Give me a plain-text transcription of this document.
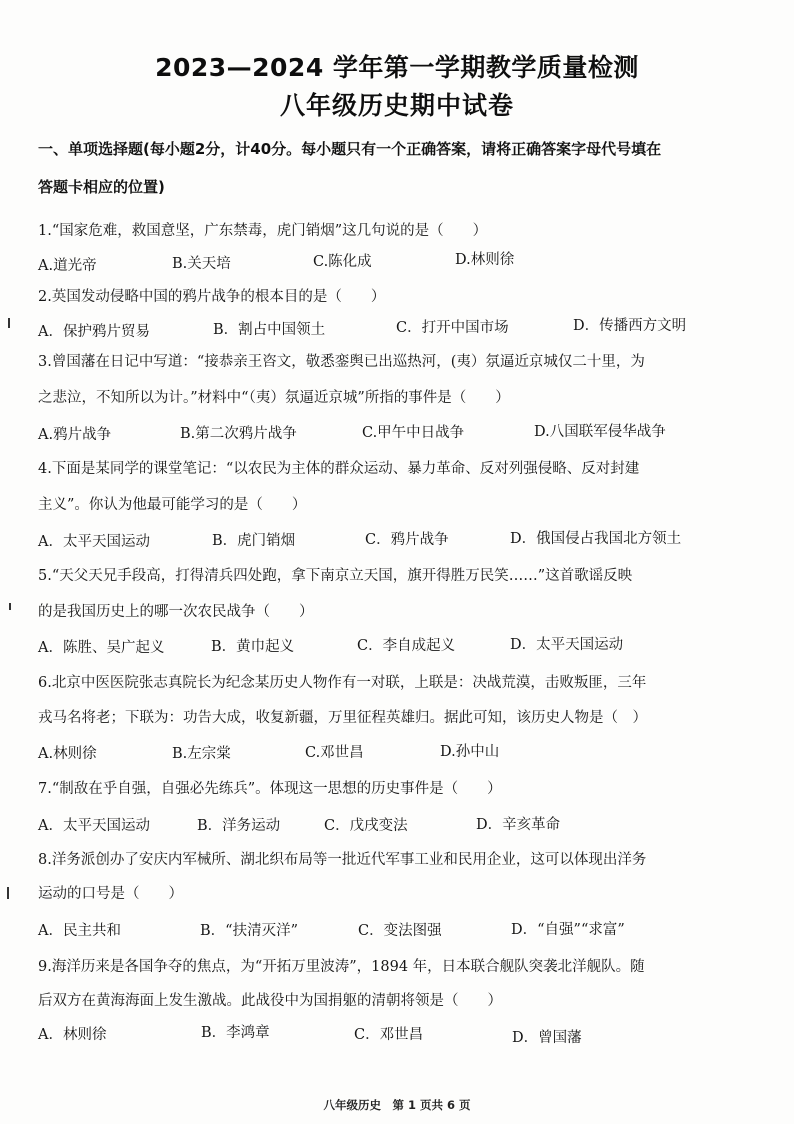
2023—2024 学年第一学期教学质量检测
八年级历史期中试卷
一、单项选择题(每小题2分，计40分。每小题只有一个正确答案，请将正确答案字母代号填在
答题卡相应的位置)
1.“国家危难，救国意坚，广东禁毒，虎门销烟”这几句说的是（　　）
A.道光帝	B.关天培	C.陈化成	D.林则徐
2.英国发动侵略中国的鸦片战争的根本目的是（　　）
A．保护鸦片贸易	B．割占中国领土	C．打开中国市场	D．传播西方文明
3.曾国藩在日记中写道：“接恭亲王咨文，敬悉銮舆已出巡热河，(夷）氛逼近京城仅二十里，为
之悲泣，不知所以为计。”材料中“（夷）氛逼近京城”所指的事件是（　　）
A.鸦片战争	B.第二次鸦片战争	C.甲午中日战争	D.八国联军侵华战争
4.下面是某同学的课堂笔记：“以农民为主体的群众运动、暴力革命、反对列强侵略、反对封建
主义”。你认为他最可能学习的是（　　）
A．太平天国运动	B．虎门销烟	C．鸦片战争	D．俄国侵占我国北方领土
5.“天父天兄手段高，打得清兵四处跑，拿下南京立天国，旗开得胜万民笑……”这首歌谣反映
的是我国历史上的哪一次农民战争（　　）
A．陈胜、吴广起义	B．黄巾起义	C．李自成起义	D．太平天国运动
6.北京中医医院张志真院长为纪念某历史人物作有一对联，上联是：决战荒漠，击败叛匪，三年
戎马名将老；下联为：功告大成，收复新疆，万里征程英雄归。据此可知，该历史人物是（　）
A.林则徐	B.左宗棠	C.邓世昌	D.孙中山
7.“制敌在乎自强，自强必先练兵”。体现这一思想的历史事件是（　　）
A．太平天国运动	B．洋务运动	C．戊戌变法	D．辛亥革命
8.洋务派创办了安庆内军械所、湖北织布局等一批近代军事工业和民用企业，这可以体现出洋务
运动的口号是（　　）
A．民主共和	B．“扶清灭洋”	C．变法图强	D．“自强”“求富”
9.海洋历来是各国争夺的焦点，为“开拓万里波涛”，1894 年，日本联合舰队突袭北洋舰队。随
后双方在黄海海面上发生激战。此战役中为国捐躯的清朝将领是（　　）
A．林则徐	B．李鸿章	C．邓世昌	D．曾国藩
八年级历史　第 1 页共 6 页
